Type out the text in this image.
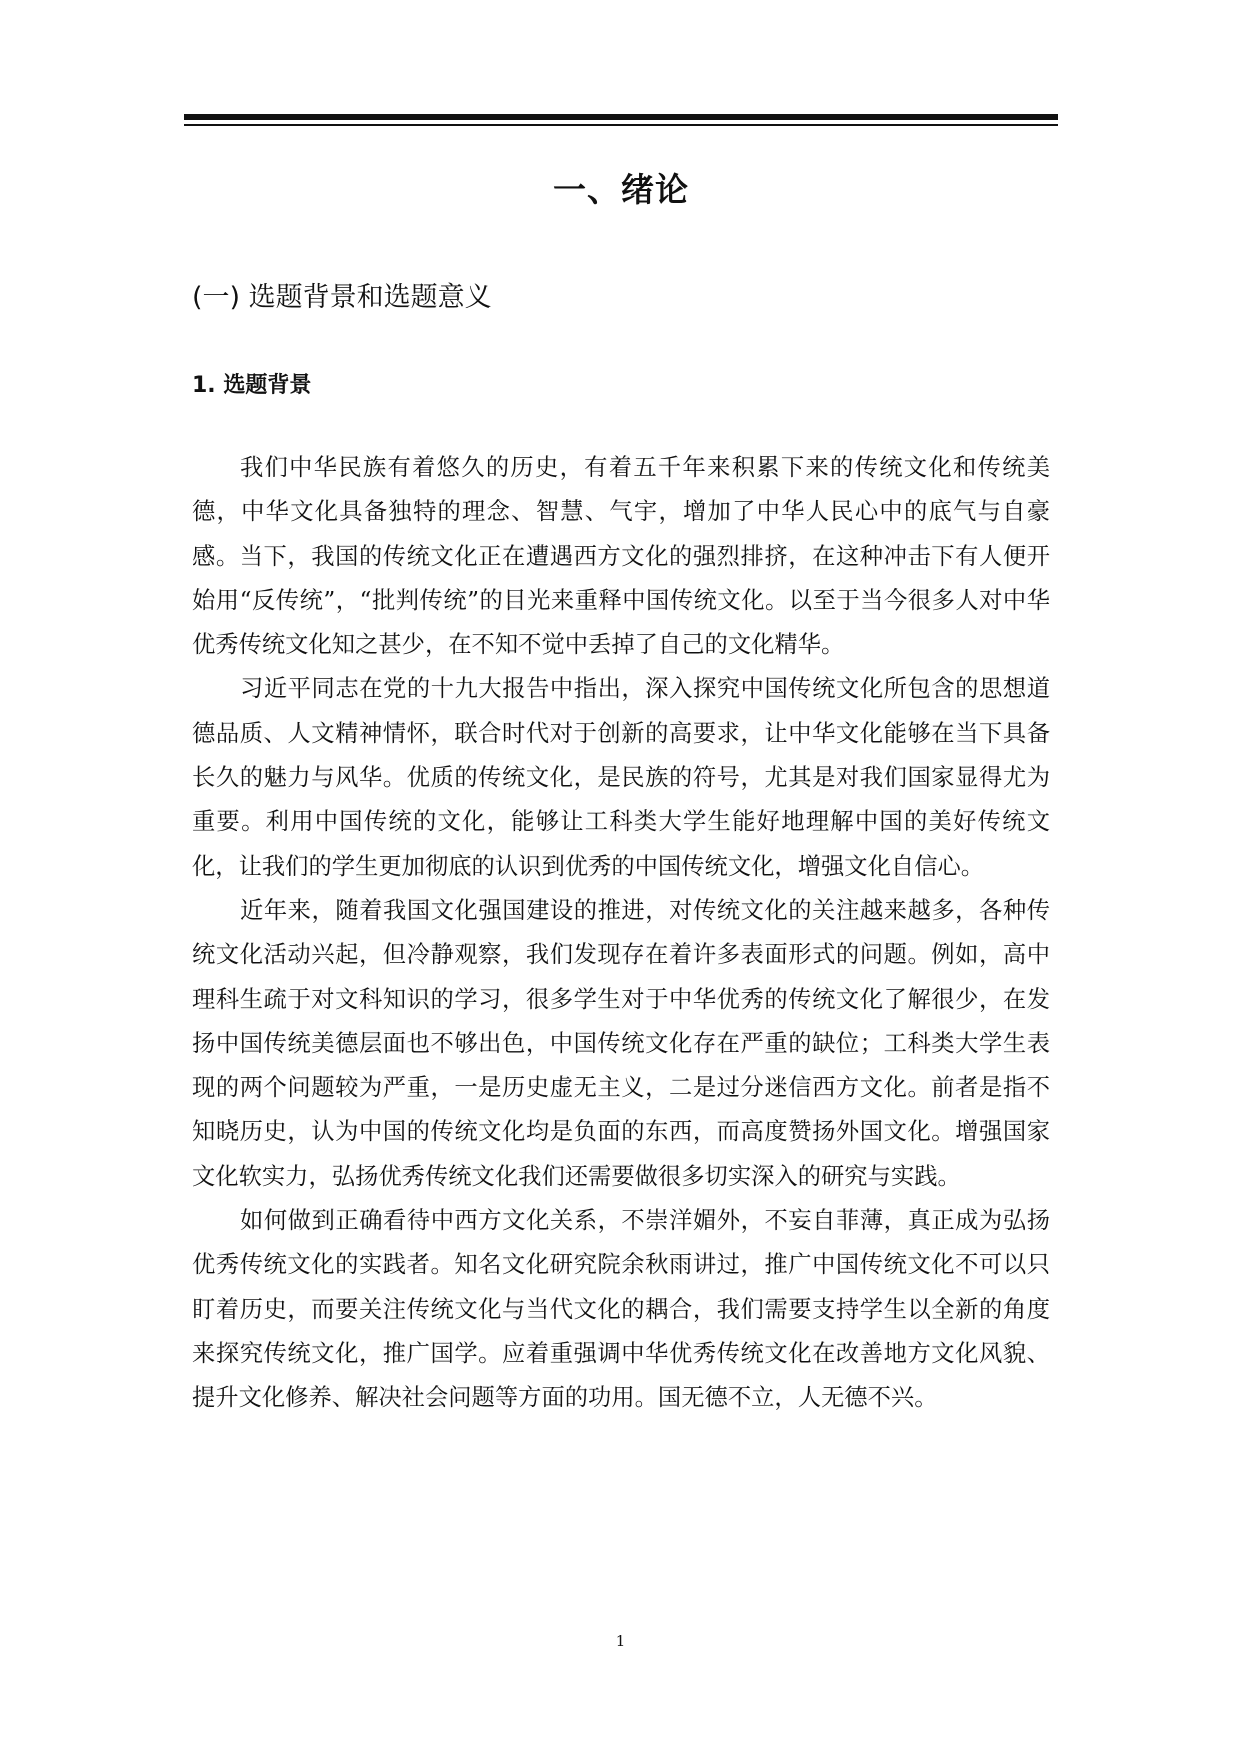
一、绪论
(一) 选题背景和选题意义
1. 选题背景

我们中华民族有着悠久的历史，有着五千年来积累下来的传统文化和传统美德，中华文化具备独特的理念、智慧、气宇，增加了中华人民心中的底气与自豪感。当下，我国的传统文化正在遭遇西方文化的强烈排挤，在这种冲击下有人便开始用“反传统”，“批判传统”的目光来重释中国传统文化。以至于当今很多人对中华优秀传统文化知之甚少，在不知不觉中丢掉了自己的文化精华。

习近平同志在党的十九大报告中指出，深入探究中国传统文化所包含的思想道德品质、人文精神情怀，联合时代对于创新的高要求，让中华文化能够在当下具备长久的魅力与风华。优质的传统文化，是民族的符号，尤其是对我们国家显得尤为重要。利用中国传统的文化，能够让工科类大学生能好地理解中国的美好传统文化，让我们的学生更加彻底的认识到优秀的中国传统文化，增强文化自信心。

近年来，随着我国文化强国建设的推进，对传统文化的关注越来越多，各种传统文化活动兴起，但冷静观察，我们发现存在着许多表面形式的问题。例如，高中理科生疏于对文科知识的学习，很多学生对于中华优秀的传统文化了解很少，在发扬中国传统美德层面也不够出色，中国传统文化存在严重的缺位；工科类大学生表现的两个问题较为严重，一是历史虚无主义，二是过分迷信西方文化。前者是指不知晓历史，认为中国的传统文化均是负面的东西，而高度赞扬外国文化。增强国家文化软实力，弘扬优秀传统文化我们还需要做很多切实深入的研究与实践。

如何做到正确看待中西方文化关系，不崇洋媚外，不妄自菲薄，真正成为弘扬优秀传统文化的实践者。知名文化研究院余秋雨讲过，推广中国传统文化不可以只盯着历史，而要关注传统文化与当代文化的耦合，我们需要支持学生以全新的角度来探究传统文化，推广国学。应着重强调中华优秀传统文化在改善地方文化风貌、提升文化修养、解决社会问题等方面的功用。国无德不立，人无德不兴。

1
